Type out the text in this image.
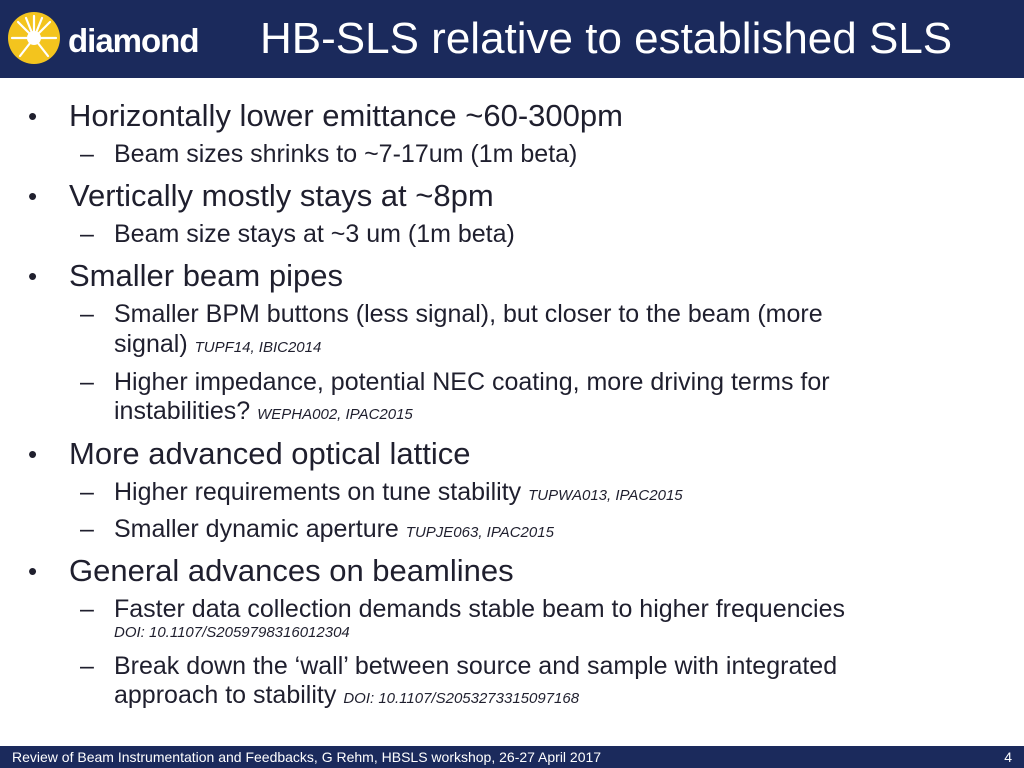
diamond	HB-SLS relative to established SLS
• Horizontally lower emittance ~60-300pm
– Beam sizes shrinks to ~7-17um (1m beta)
• Vertically mostly stays at ~8pm
– Beam size stays at ~3 um (1m beta)
• Smaller beam pipes
– Smaller BPM buttons (less signal), but closer to the beam (more
signal) TUPF14, IBIC2014
– Higher impedance, potential NEC coating, more driving terms for
instabilities? WEPHA002, IPAC2015
• More advanced optical lattice
– Higher requirements on tune stability TUPWA013, IPAC2015
– Smaller dynamic aperture TUPJE063, IPAC2015
• General advances on beamlines
– Faster data collection demands stable beam to higher frequencies
DOI: 10.1107/S2059798316012304
– Break down the ‘wall’ between source and sample with integrated
approach to stability DOI: 10.1107/S2053273315097168
Review of Beam Instrumentation and Feedbacks, G Rehm, HBSLS workshop, 26-27 April 2017	4
